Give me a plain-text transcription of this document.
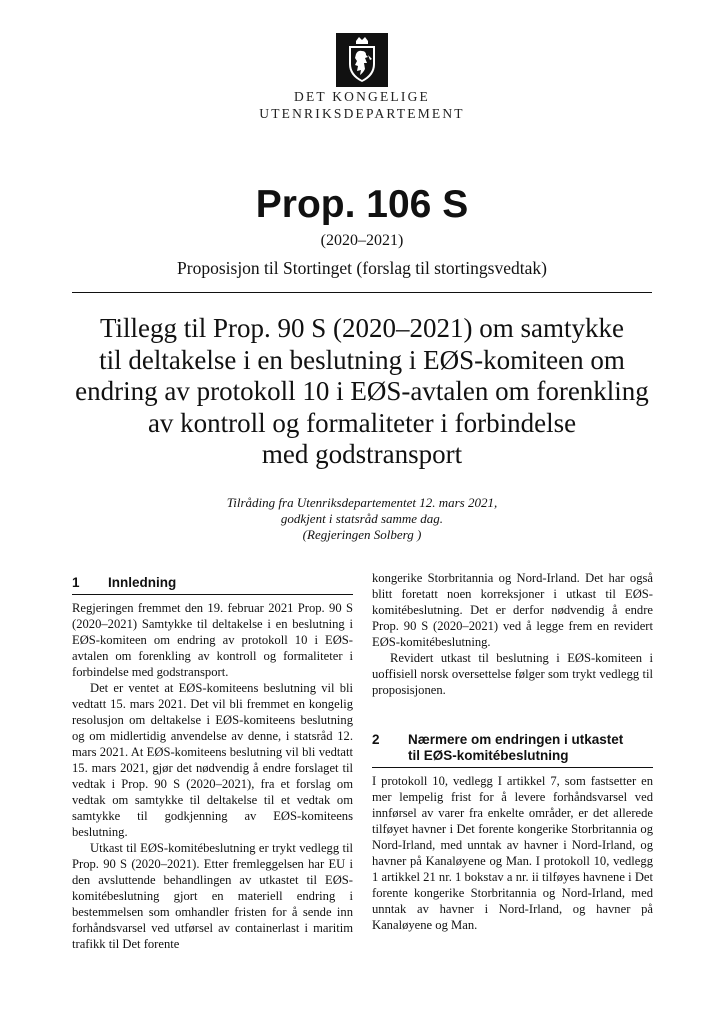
DET KONGELIGE
UTENRIKSDEPARTEMENT
Prop. 106 S
(2020–2021)
Proposisjon til Stortinget (forslag til stortingsvedtak)
Tillegg til Prop. 90 S (2020–2021) om samtykke
til deltakelse i en beslutning i EØS-komiteen om
endring av protokoll 10 i EØS-avtalen om forenkling
av kontroll og formaliteter i forbindelse
med godstransport
Tilråding fra Utenriksdepartementet 12. mars 2021,
godkjent i statsråd samme dag.
(Regjeringen Solberg )
1	Innledning

Regjeringen fremmet den 19. februar 2021 Prop. 90 S (2020–2021) Samtykke til deltakelse i en beslutning i EØS-komiteen om endring av protokoll 10 i EØS-avtalen om forenkling av kontroll og formaliteter i forbindelse med godstransport.

Det er ventet at EØS-komiteens beslutning vil bli vedtatt 15. mars 2021. Det vil bli fremmet en kongelig resolusjon om deltakelse i EØS-komiteens beslutning og om midlertidig anvendelse av denne, i statsråd 12. mars 2021. At EØS-komiteens beslutning vil bli vedtatt 15. mars 2021, gjør det nødvendig å endre forslaget til vedtak i Prop. 90 S (2020–2021), fra et forslag om vedtak om samtykke til deltakelse til et vedtak om samtykke til godkjenning av EØS-komiteens beslutning.

Utkast til EØS-komitébeslutning er trykt vedlegg til Prop. 90 S (2020–2021). Etter fremleggelsen har EU i den avsluttende behandlingen av utkastet til EØS-komitébeslutning gjort en materiell endring i bestemmelsen som omhandler fristen for å sende inn forhåndsvarsel ved utførsel av containerlast i maritim trafikk til Det forente

kongerike Storbritannia og Nord-Irland. Det har også blitt foretatt noen korreksjoner i utkast til EØS-komitébeslutning. Det er derfor nødvendig å endre Prop. 90 S (2020–2021) ved å legge frem en revidert EØS-komitébeslutning.

Revidert utkast til beslutning i EØS-komiteen i uoffisiell norsk oversettelse følger som trykt vedlegg til proposisjonen.

2	Nærmere om endringen i utkastet
til EØS-komitébeslutning

I protokoll 10, vedlegg I artikkel 7, som fastsetter en mer lempelig frist for å levere forhåndsvarsel ved innførsel av varer fra enkelte områder, er det allerede tilføyet havner i Det forente kongerike Storbritannia og Nord-Irland, med unntak av havner i Nord-Irland, og havner på Kanaløyene og Man. I protokoll 10, vedlegg 1 artikkel 21 nr. 1 bokstav a nr. ii tilføyes havnene i Det forente kongerike Storbritannia og Nord-Irland, med unntak av havner i Nord-Irland, og havner på Kanaløyene og Man.
